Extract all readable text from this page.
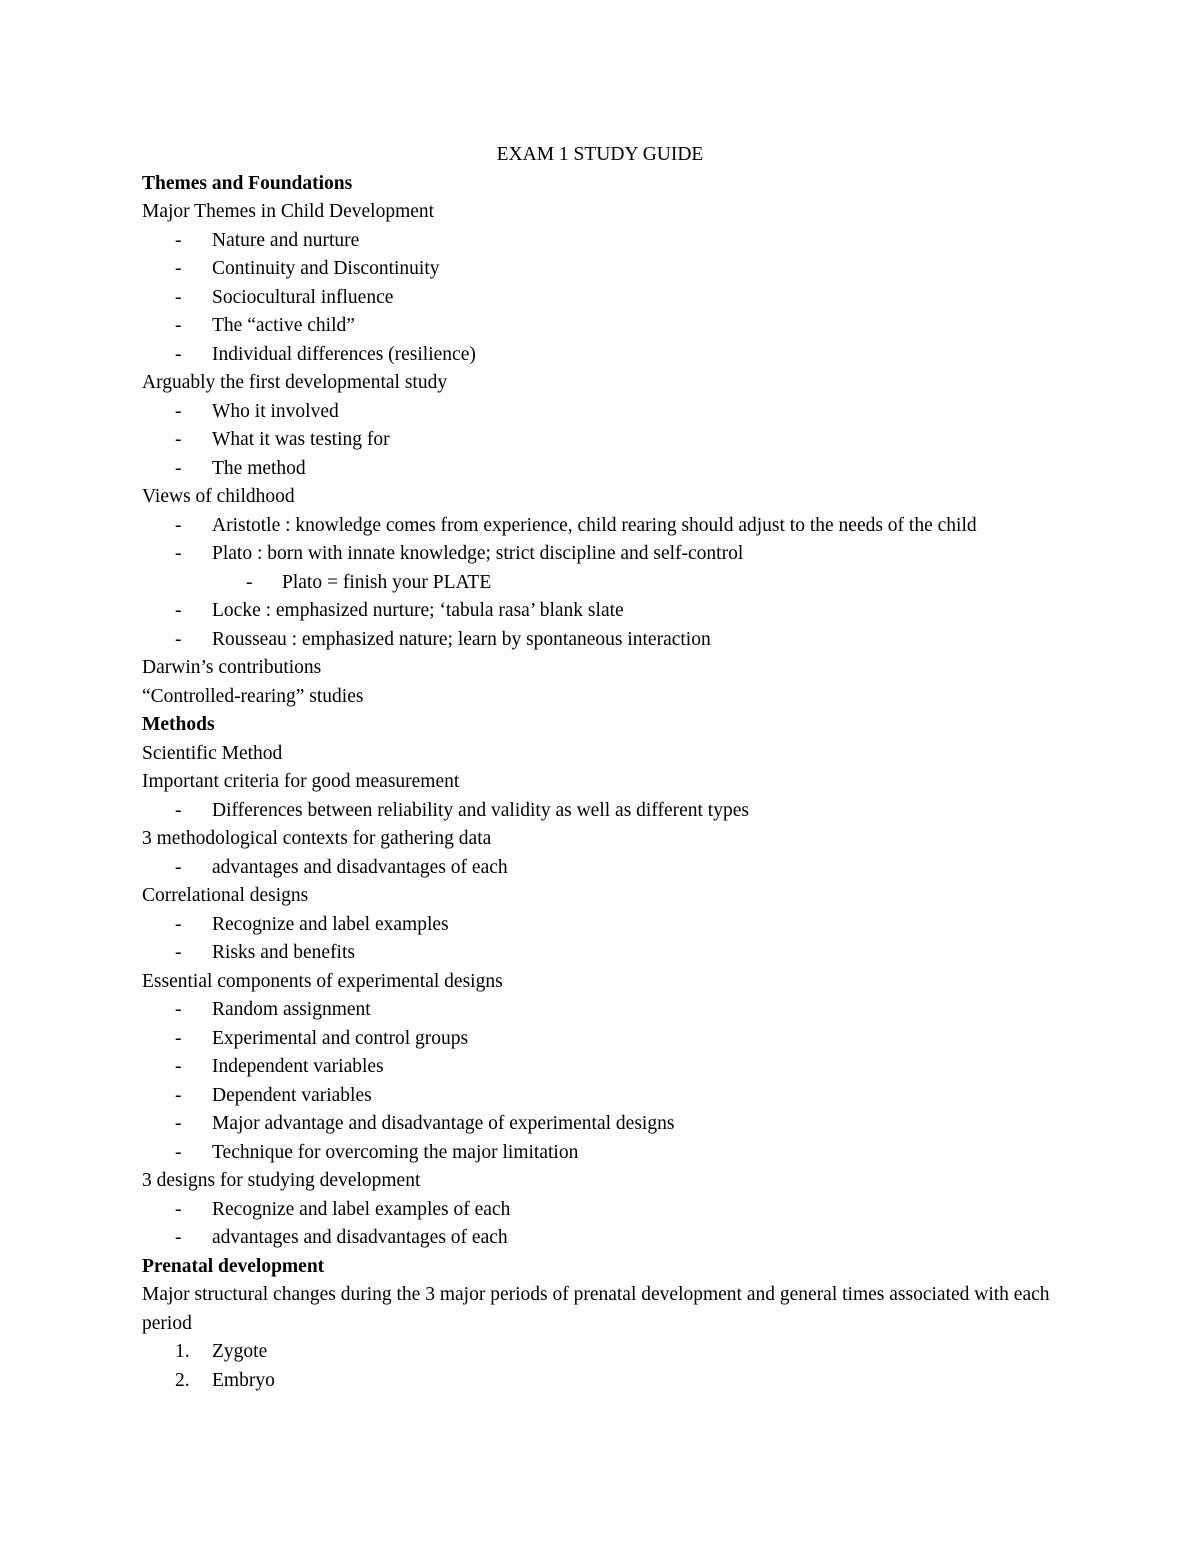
EXAM 1 STUDY GUIDE
Themes and Foundations
Major Themes in Child Development
- Nature and nurture
- Continuity and Discontinuity
- Sociocultural influence
- The “active child”
- Individual differences (resilience)
Arguably the first developmental study
- Who it involved
- What it was testing for
- The method
Views of childhood
- Aristotle : knowledge comes from experience, child rearing should adjust to the needs of the child
- Plato : born with innate knowledge; strict discipline and self-control
- Plato = finish your PLATE
- Locke : emphasized nurture; ‘tabula rasa’ blank slate
- Rousseau : emphasized nature; learn by spontaneous interaction
Darwin’s contributions
“Controlled-rearing” studies
Methods
Scientific Method
Important criteria for good measurement
- Differences between reliability and validity as well as different types
3 methodological contexts for gathering data
- advantages and disadvantages of each
Correlational designs
- Recognize and label examples
- Risks and benefits
Essential components of experimental designs
- Random assignment
- Experimental and control groups
- Independent variables
- Dependent variables
- Major advantage and disadvantage of experimental designs
- Technique for overcoming the major limitation
3 designs for studying development
- Recognize and label examples of each
- advantages and disadvantages of each
Prenatal development
Major structural changes during the 3 major periods of prenatal development and general times associated with each period
1. Zygote
2. Embryo
